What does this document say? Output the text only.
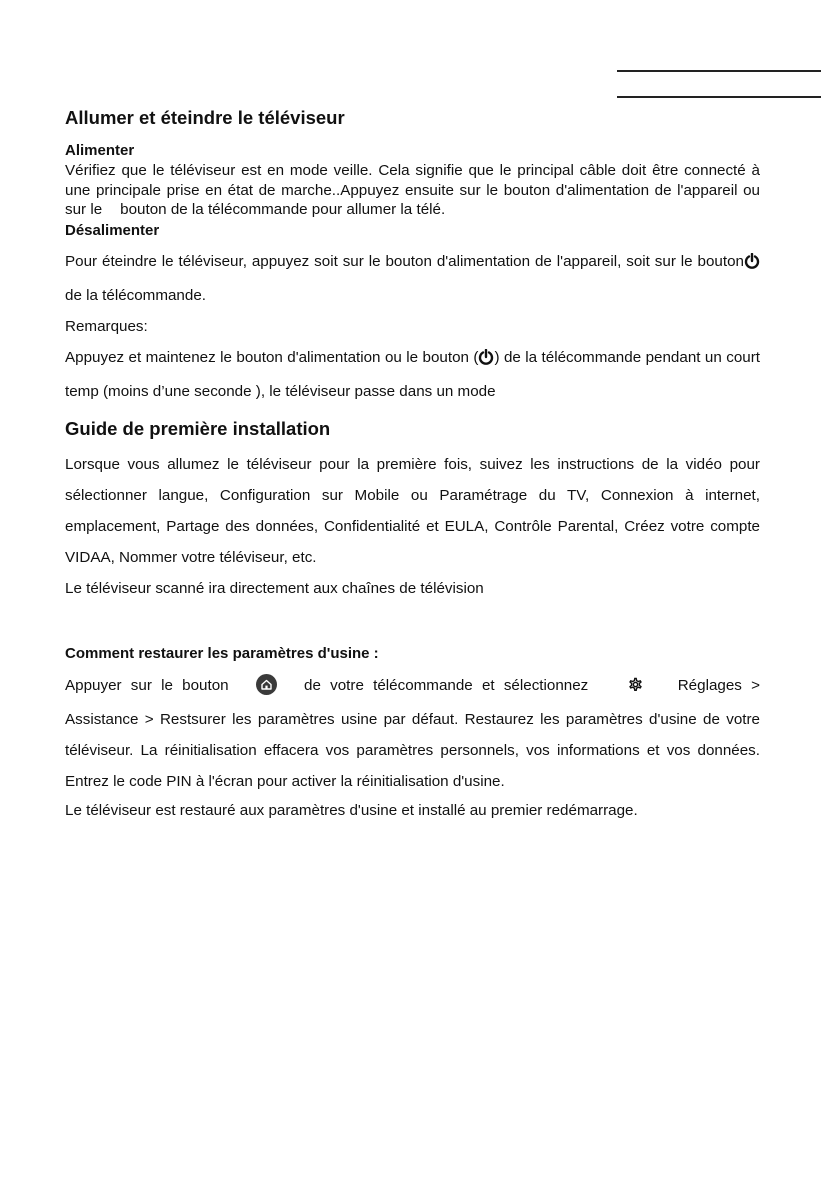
Allumer et éteindre le téléviseur
Alimenter

Vérifiez que le téléviseur est en mode veille. Cela signifie que le principal câble doit être connecté à une principale prise en état de marche..Appuyez ensuite sur le bouton d'alimentation de l'appareil ou sur le bouton de la télécommande pour allumer la télé.

Désalimenter

Pour éteindre le téléviseur, appuyez soit sur le bouton d'alimentation de l'appareil, soit sur le bouton de la télécommande.

Remarques:

Appuyez et maintenez le bouton d'alimentation ou le bouton ( ) de la télécommande pendant un court temp (moins d’une seconde ), le téléviseur passe dans un mode

Guide de première installation

Lorsque vous allumez le téléviseur pour la première fois, suivez les instructions de la vidéo pour sélectionner langue, Configuration sur Mobile ou Paramétrage du TV, Connexion à internet, emplacement, Partage des données, Confidentialité et EULA, Contrôle Parental, Créez votre compte VIDAA, Nommer votre téléviseur, etc.

Le téléviseur scanné ira directement aux chaînes de télévision

Comment restaurer les paramètres d'usine :

Appuyer sur le bouton	de votre télécommande et sélectionnez	Réglages > Assistance > Restsurer les paramètres usine par défaut. Restaurez les paramètres d'usine de votre téléviseur. La réinitialisation effacera vos paramètres personnels, vos informations et vos données. Entrez le code PIN à l'écran pour activer la réinitialisation d'usine.

Le téléviseur est restauré aux paramètres d'usine et installé au premier redémarrage.
